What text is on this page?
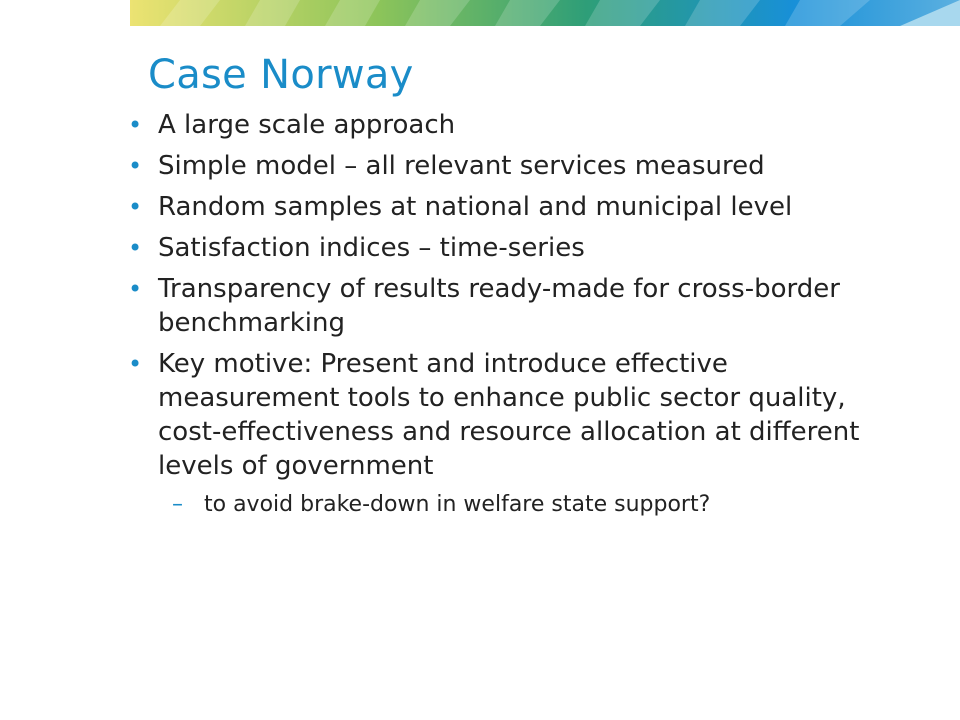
Case Norway
• A large scale approach
• Simple model – all relevant services measured
• Random samples at national and municipal level
• Satisfaction indices – time-series
• Transparency of results ready-made for cross-border benchmarking
• Key motive: Present and introduce effective measurement tools to enhance public sector quality, cost-effectiveness and resource allocation at different levels of government
– to avoid brake-down in welfare state support?
